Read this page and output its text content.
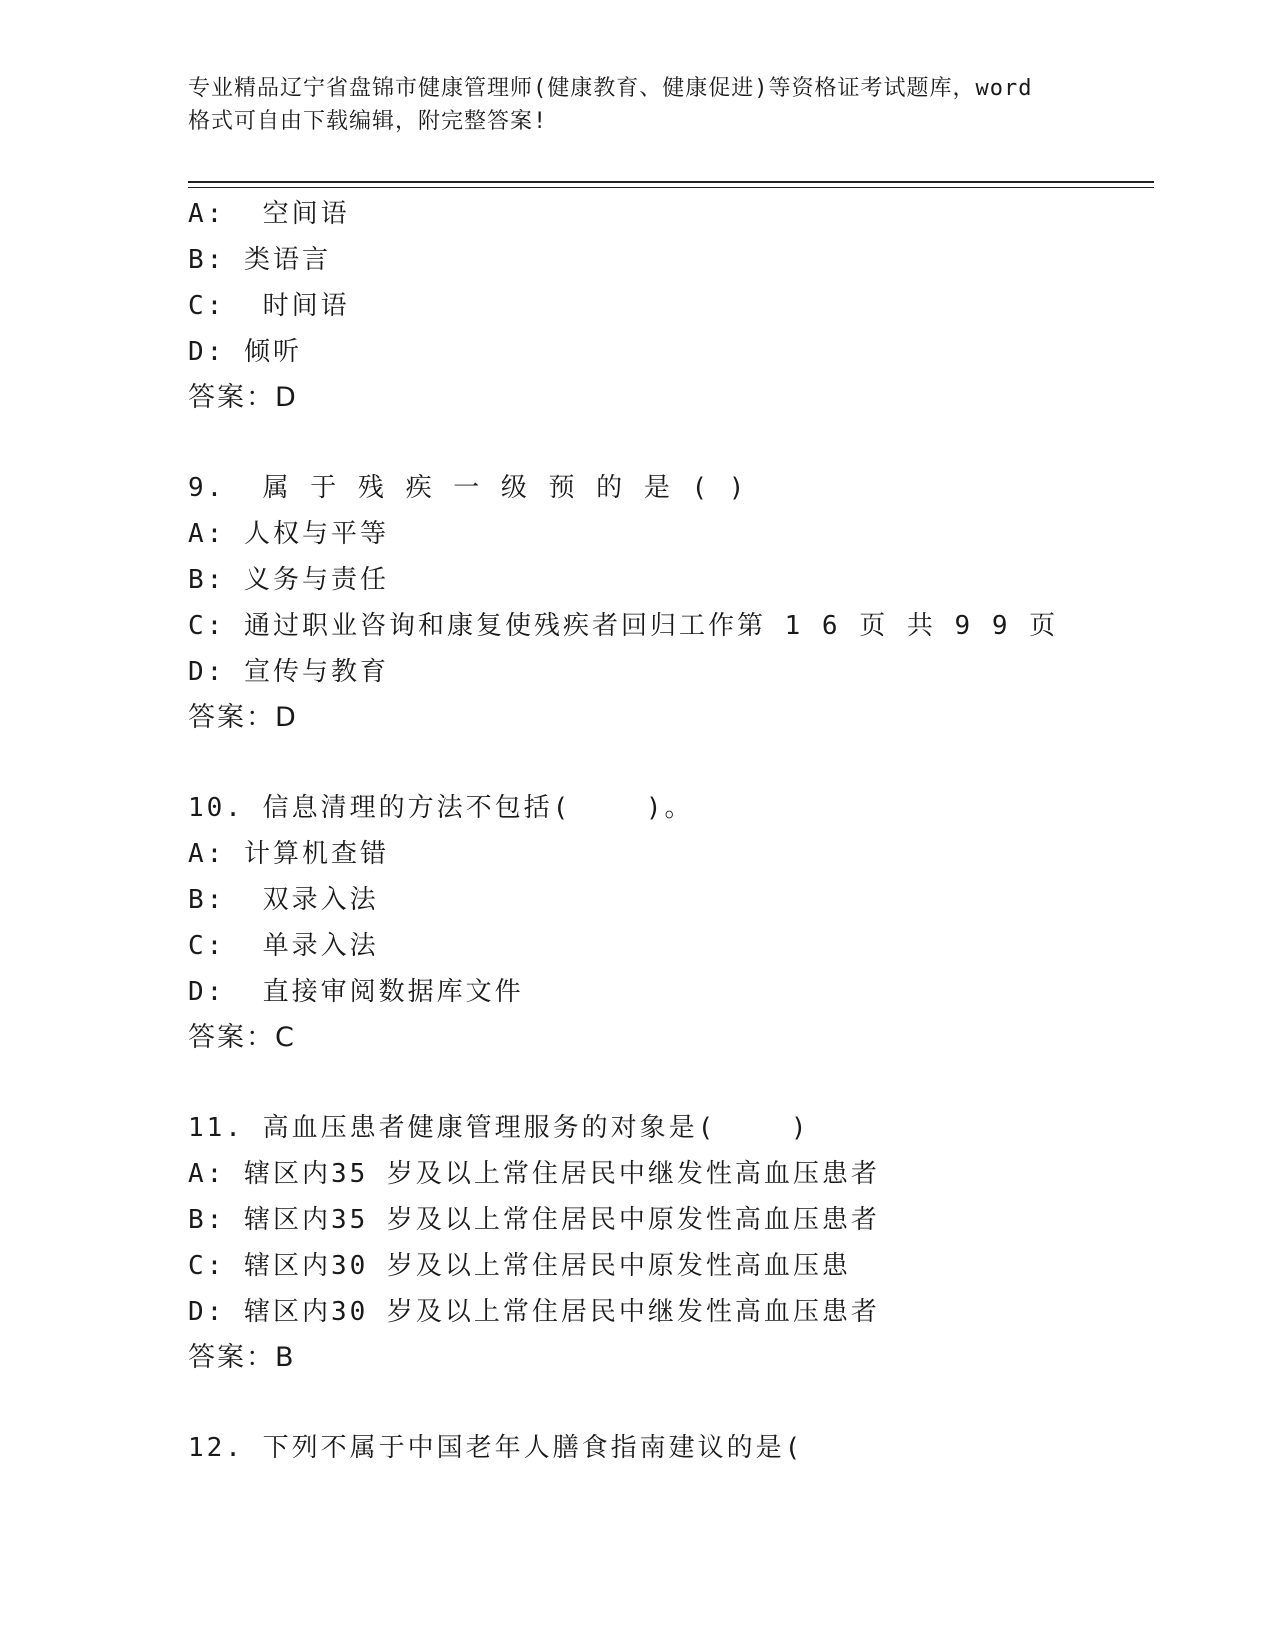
专业精品辽宁省盘锦市健康管理师(健康教育、健康促进)等资格证考试题库，word
格式可自由下载编辑，附完整答案!
A:  空间语
B: 类语言
C:  时间语
D: 倾听
答案：D
9.  属 于 残 疾 一 级 预 的 是 ( )
A: 人权与平等
B: 义务与责任
C: 通过职业咨询和康复使残疾者回归工作第 1 6 页 共 9 9 页
D: 宣传与教育
答案：D
10. 信息清理的方法不包括(    )。
A: 计算机查错
B:  双录入法
C:  单录入法
D:  直接审阅数据库文件
答案：C
11. 高血压患者健康管理服务的对象是(    )
A: 辖区内35 岁及以上常住居民中继发性高血压患者
B: 辖区内35 岁及以上常住居民中原发性高血压患者
C: 辖区内30 岁及以上常住居民中原发性高血压患
D: 辖区内30 岁及以上常住居民中继发性高血压患者
答案：B
12. 下列不属于中国老年人膳食指南建议的是(
